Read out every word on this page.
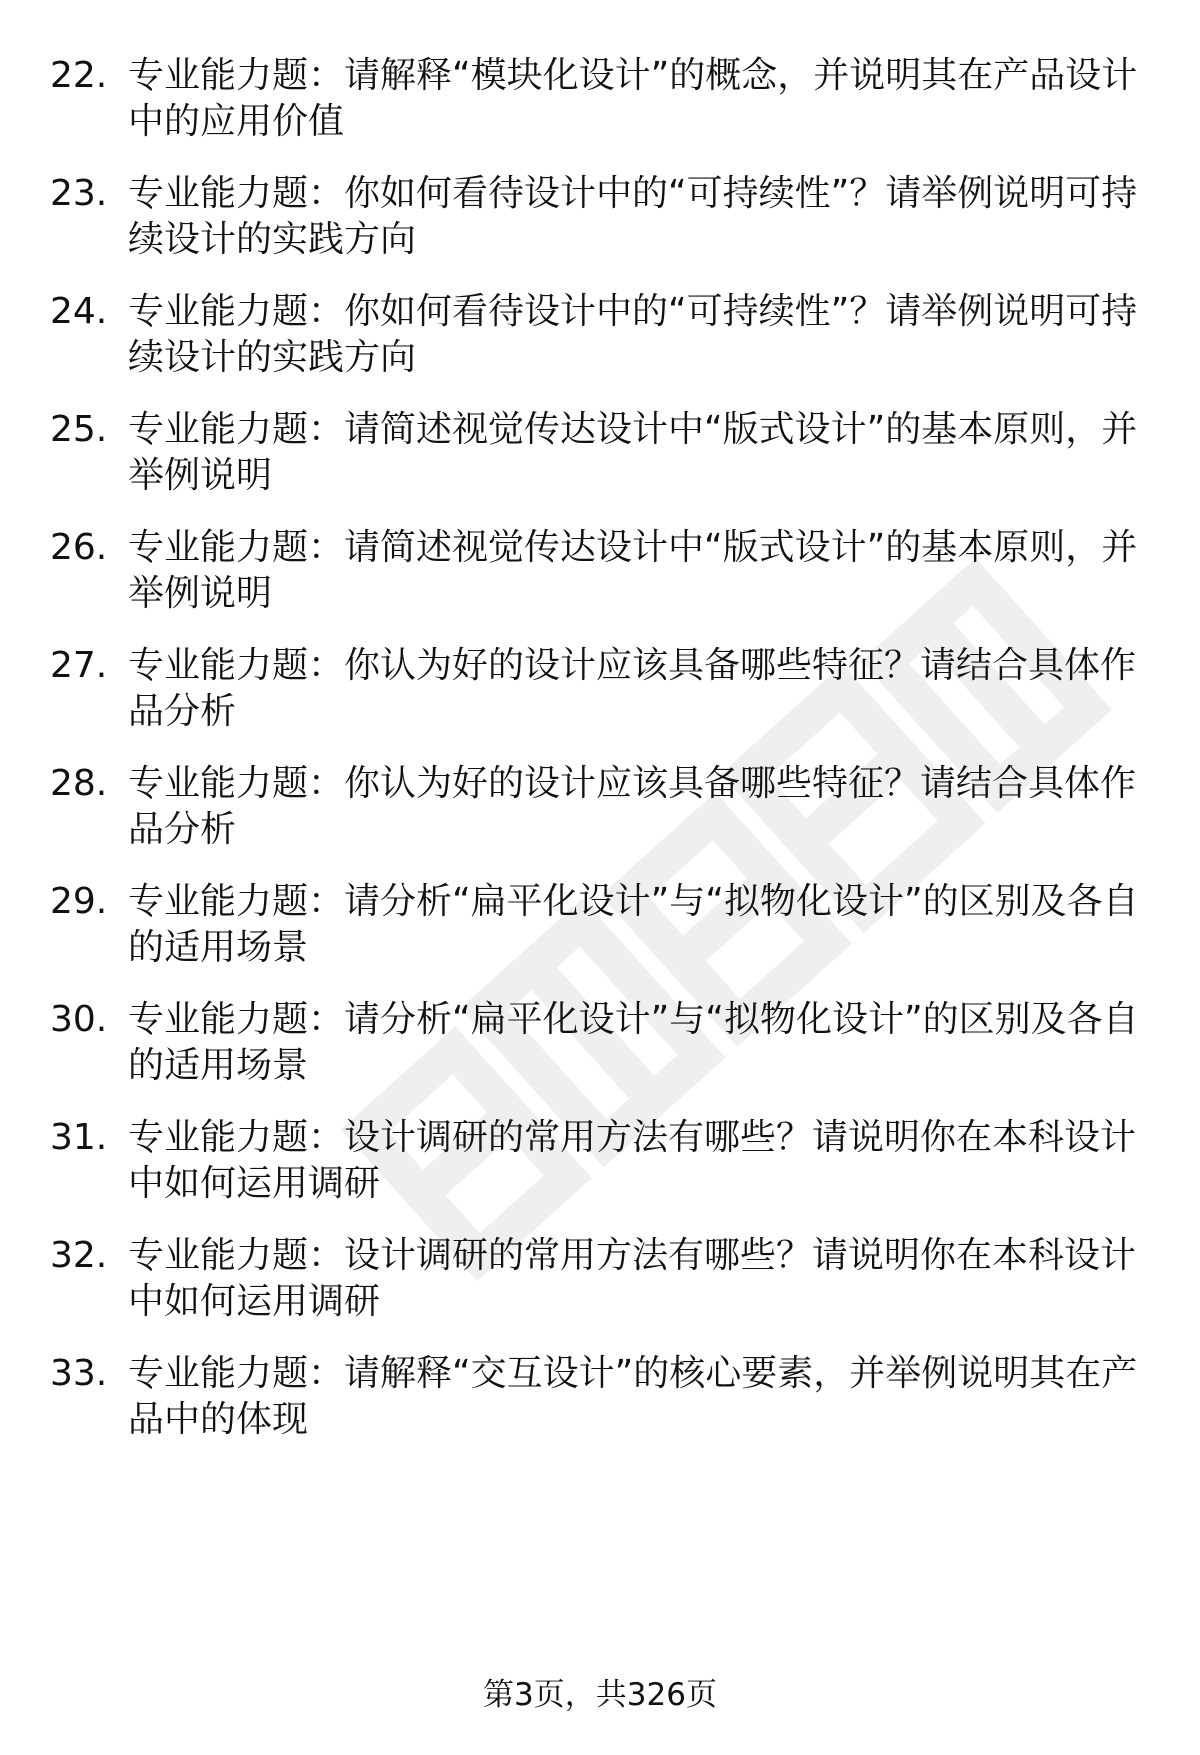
22. 专业能力题：请解释“模块化设计”的概念，并说明其在产品设计中的应用价值
23. 专业能力题：你如何看待设计中的“可持续性”？请举例说明可持续设计的实践方向
24. 专业能力题：你如何看待设计中的“可持续性”？请举例说明可持续设计的实践方向
25. 专业能力题：请简述视觉传达设计中“版式设计”的基本原则，并举例说明
26. 专业能力题：请简述视觉传达设计中“版式设计”的基本原则，并举例说明
27. 专业能力题：你认为好的设计应该具备哪些特征？请结合具体作品分析
28. 专业能力题：你认为好的设计应该具备哪些特征？请结合具体作品分析
29. 专业能力题：请分析“扁平化设计”与“拟物化设计”的区别及各自的适用场景
30. 专业能力题：请分析“扁平化设计”与“拟物化设计”的区别及各自的适用场景
31. 专业能力题：设计调研的常用方法有哪些？请说明你在本科设计中如何运用调研
32. 专业能力题：设计调研的常用方法有哪些？请说明你在本科设计中如何运用调研
33. 专业能力题：请解释“交互设计”的核心要素，并举例说明其在产品中的体现
第3页，共326页
